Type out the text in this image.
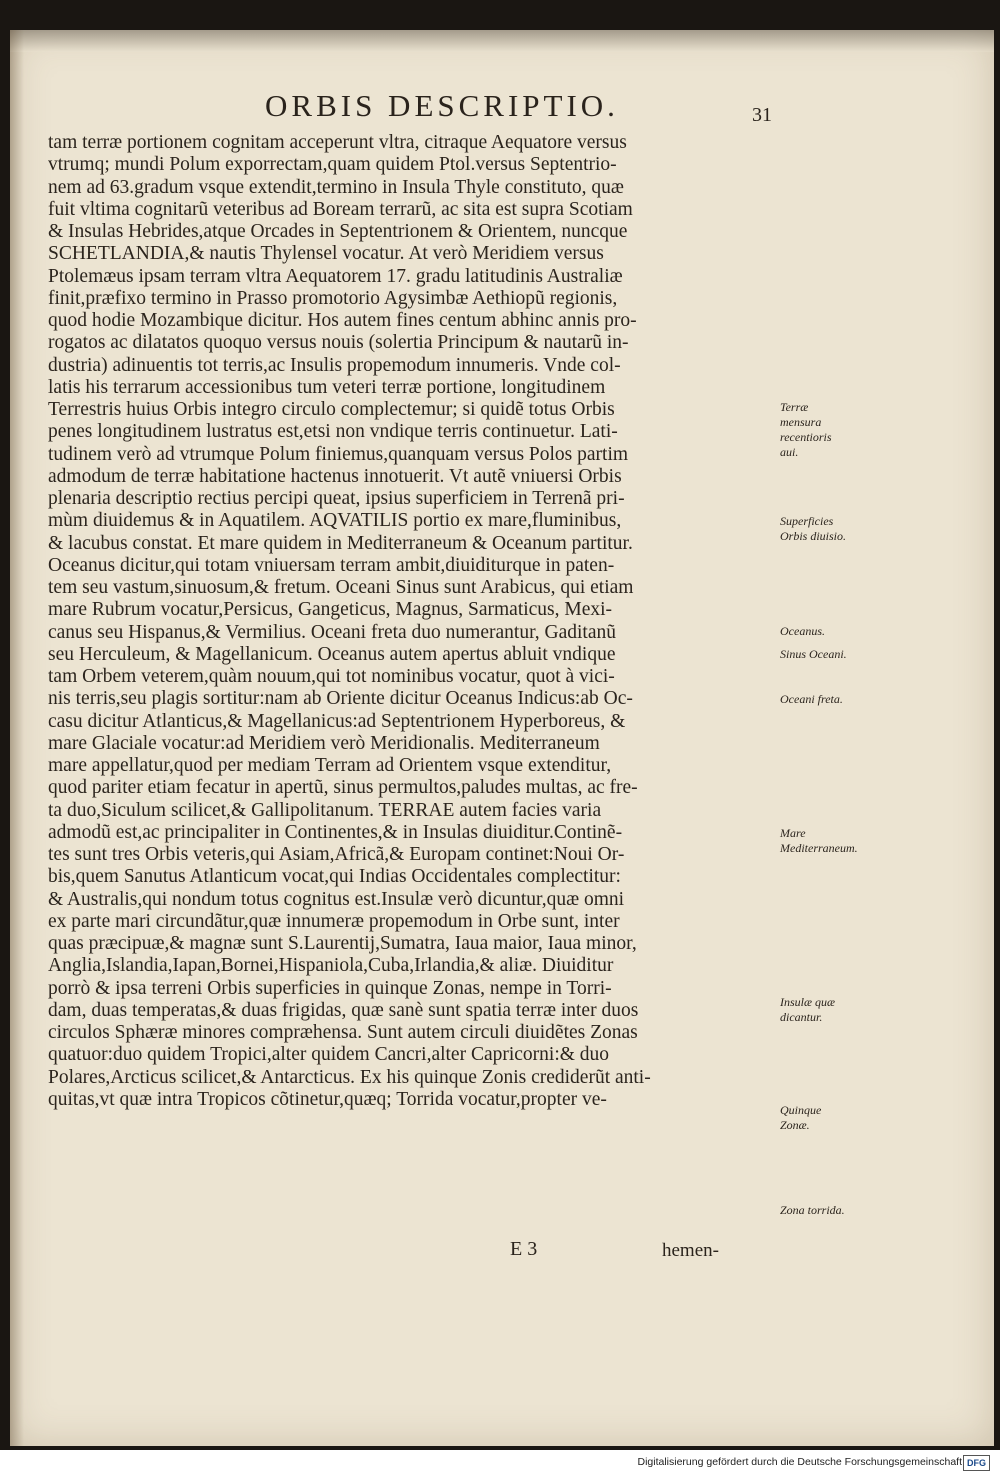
ORBIS DESCRIPTIO.	31
tam terræ portionem cognitam acceperunt vltra, citraque Aequatore versus
vtrumq; mundi Polum exporrectam,quam quidem Ptol.versus Septentrio-
nem ad 63.gradum vsque extendit,termino in Insula Thyle constituto, quæ
fuit vltima cognitarũ veteribus ad Boream terrarũ, ac sita est supra Scotiam
& Insulas Hebrides,atque Orcades in Septentrionem & Orientem, nuncque
SCHETLANDIA,& nautis Thylensel vocatur. At verò Meridiem versus
Ptolemæus ipsam terram vltra Aequatorem 17. gradu latitudinis Australiæ
finit,præfixo termino in Prasso promotorio Agysimbæ Aethiopũ regionis,
quod hodie Mozambique dicitur. Hos autem fines centum abhinc annis pro-
rogatos ac dilatatos quoquo versus nouis (solertia Principum & nautarũ in-
dustria) adinuentis tot terris,ac Insulis propemodum innumeris. Vnde col-
latis his terrarum accessionibus tum veteri terræ portione, longitudinem
Terrestris huius Orbis integro circulo complectemur; si quidẽ totus Orbis
penes longitudinem lustratus est,etsi non vndique terris continuetur. Lati-
tudinem verò ad vtrumque Polum finiemus,quanquam versus Polos partim
admodum de terræ habitatione hactenus innotuerit. Vt autẽ vniuersi Orbis
plenaria descriptio rectius percipi queat, ipsius superficiem in Terrenã pri-
mùm diuidemus & in Aquatilem. AQVATILIS portio ex mare,fluminibus,
& lacubus constat. Et mare quidem in Mediterraneum & Oceanum partitur.
Oceanus dicitur,qui totam vniuersam terram ambit,diuiditurque in paten-
tem seu vastum,sinuosum,& fretum. Oceani Sinus sunt Arabicus, qui etiam
mare Rubrum vocatur,Persicus, Gangeticus, Magnus, Sarmaticus, Mexi-
canus seu Hispanus,& Vermilius. Oceani freta duo numerantur, Gaditanũ
seu Herculeum, & Magellanicum. Oceanus autem apertus abluit vndique
tam Orbem veterem,quàm nouum,qui tot nominibus vocatur, quot à vici-
nis terris,seu plagis sortitur:nam ab Oriente dicitur Oceanus Indicus:ab Oc-
casu dicitur Atlanticus,& Magellanicus:ad Septentrionem Hyperboreus, &
mare Glaciale vocatur:ad Meridiem verò Meridionalis. Mediterraneum
mare appellatur,quod per mediam Terram ad Orientem vsque extenditur,
quod pariter etiam fecatur in apertũ, sinus permultos,paludes multas, ac fre-
ta duo,Siculum scilicet,& Gallipolitanum. TERRAE autem facies varia
admodũ est,ac principaliter in Continentes,& in Insulas diuiditur.Continẽ-
tes sunt tres Orbis veteris,qui Asiam,Africã,& Europam continet:Noui Or-
bis,quem Sanutus Atlanticum vocat,qui Indias Occidentales complectitur:
& Australis,qui nondum totus cognitus est.Insulæ verò dicuntur,quæ omni
ex parte mari circundãtur,quæ innumeræ propemodum in Orbe sunt, inter
quas præcipuæ,& magnæ sunt S.Laurentij,Sumatra, Iaua maior, Iaua minor,
Anglia,Islandia,Iapan,Bornei,Hispaniola,Cuba,Irlandia,& aliæ. Diuiditur
porrò & ipsa terreni Orbis superficies in quinque Zonas, nempe in Torri-
dam, duas temperatas,& duas frigidas, quæ sanè sunt spatia terræ inter duos
circulos Sphæræ minores compræhensa. Sunt autem circuli diuidẽtes Zonas
quatuor:duo quidem Tropici,alter quidem Cancri,alter Capricorni:& duo
Polares,Arcticus scilicet,& Antarcticus. Ex his quinque Zonis crediderũt anti-
quitas,vt quæ intra Tropicos cõtinetur,quæq; Torrida vocatur,propter ve-
Terræ mensura recentioris aui.
Superficies Orbis diuisio.
Oceanus.
Sinus Oceani.
Oceani freta.
Mare Mediterraneum.
Insulæ quæ dicantur.
Quinque Zonæ.
Zona torrida.
E 3	hemen-
Digitalisierung gefördert durch die Deutsche Forschungsgemeinschaft DFG
